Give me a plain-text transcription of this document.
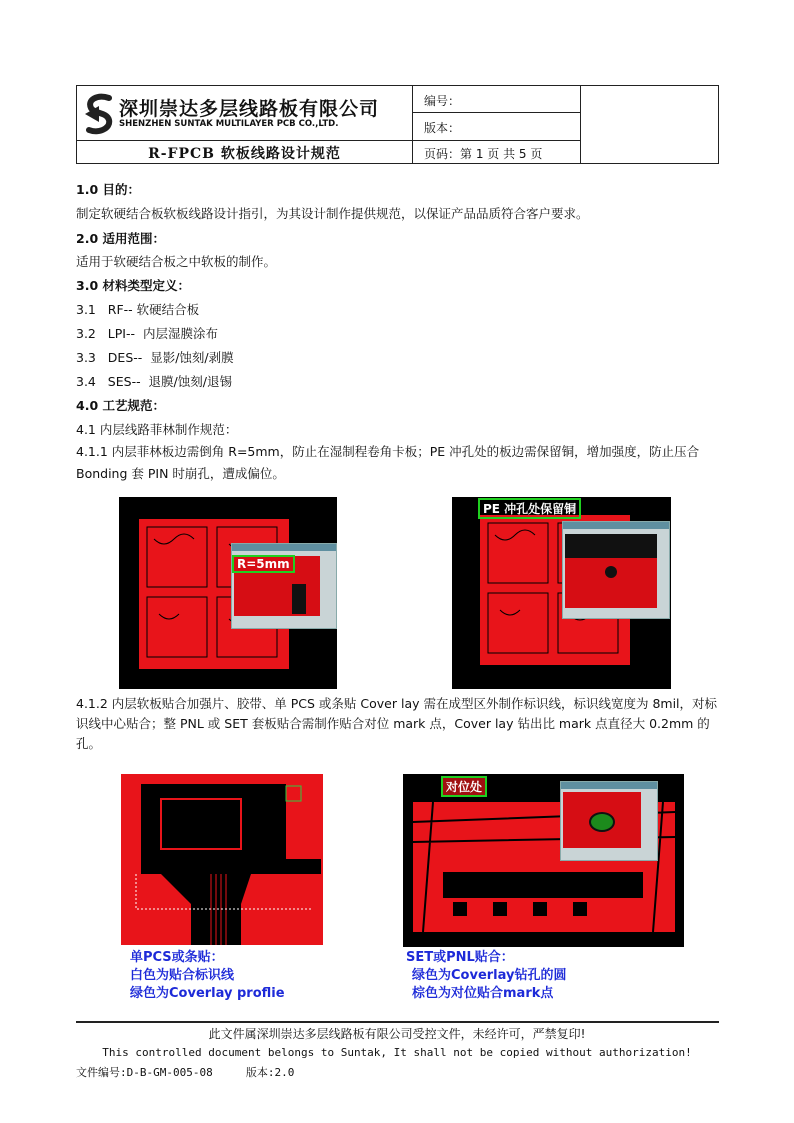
深圳崇达多层线路板有限公司
SHENZHEN SUNTAK MULTILAYER PCB CO.,LTD.
R-FPCB 软板线路设计规范
编号：
版本：
页码：第 1 页 共 5 页
1.0 目的：
制定软硬结合板软板线路设计指引，为其设计制作提供规范，以保证产品品质符合客户要求。
2.0 适用范围：
适用于软硬结合板之中软板的制作。
3.0 材料类型定义：
3.1   RF-- 软硬结合板
3.2   LPI--  内层湿膜涂布
3.3   DES--  显影/蚀刻/剥膜
3.4   SES--  退膜/蚀刻/退锡
4.0 工艺规范：
4.1 内层线路菲林制作规范：
4.1.1 内层菲林板边需倒角 R=5mm，防止在湿制程卷角卡板；PE 冲孔处的板边需保留铜，增加强度，防止压合 Bonding 套 PIN 时崩孔，遭成偏位。
R=5mm
PE 冲孔处保留铜
4.1.2 内层软板贴合加强片、胶带、单 PCS 或条贴 Cover lay 需在成型区外制作标识线，标识线宽度为 8mil，对标识线中心贴合；整 PNL 或 SET 套板贴合需制作贴合对位 mark 点，Cover lay 钻出比 mark 点直径大 0.2mm 的孔。
对位处
单PCS或条贴：
白色为贴合标识线
绿色为Coverlay proflie
SET或PNL贴合：
绿色为Coverlay钻孔的圆
棕色为对位贴合mark点
此文件属深圳崇达多层线路板有限公司受控文件，未经许可，严禁复印!
This controlled document belongs to Suntak, It shall not be copied without authorization!
文件编号:D-B-GM-005-08     版本:2.0
